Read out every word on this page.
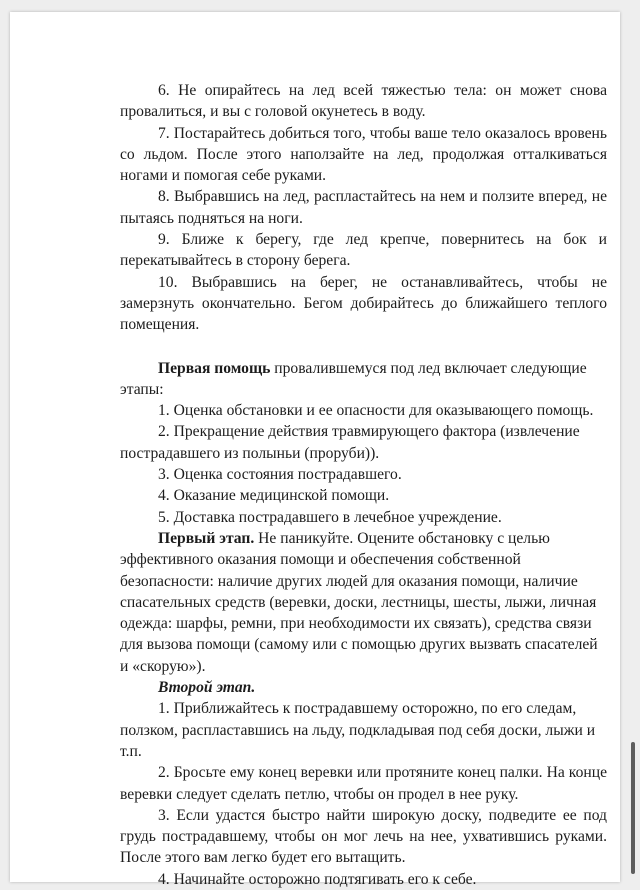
6. Не опирайтесь на лед всей тяжестью тела: он может снова провалиться, и вы с головой окунетесь в воду.

7. Постарайтесь добиться того, чтобы ваше тело оказалось вровень со льдом. После этого наползайте на лед, продолжая отталкиваться ногами и помогая себе руками.

8. Выбравшись на лед, распластайтесь на нем и ползите вперед, не пытаясь подняться на ноги.

9. Ближе к берегу, где лед крепче, повернитесь на бок и перекатывайтесь в сторону берега.

10. Выбравшись на берег, не останавливайтесь, чтобы не замерзнуть окончательно. Бегом добирайтесь до ближайшего теплого помещения.

Первая помощь провалившемуся под лед включает следующие этапы:

1. Оценка обстановки и ее опасности для оказывающего помощь.

2. Прекращение действия травмирующего фактора (извлечение пострадавшего из полыньи (проруби)).

3. Оценка состояния пострадавшего.

4. Оказание медицинской помощи.

5. Доставка пострадавшего в лечебное учреждение.

Первый этап. Не паникуйте. Оцените обстановку с целью эффективного оказания помощи и обеспечения собственной безопасности: наличие других людей для оказания помощи, наличие спасательных средств (веревки, доски, лестницы, шесты, лыжи, личная одежда: шарфы, ремни, при необходимости их связать), средства связи для вызова помощи (самому или с помощью других вызвать спасателей и «скорую»).

Второй этап.

1. Приближайтесь к пострадавшему осторожно, по его следам, ползком, распластавшись на льду, подкладывая под себя доски, лыжи и т.п.

2. Бросьте ему конец веревки или протяните конец палки. На конце веревки следует сделать петлю, чтобы он продел в нее руку.

3. Если удастся быстро найти широкую доску, подведите ее под грудь пострадавшему, чтобы он мог лечь на нее, ухватившись руками. После этого вам легко будет его вытащить.

4. Начинайте осторожно подтягивать его к себе.
